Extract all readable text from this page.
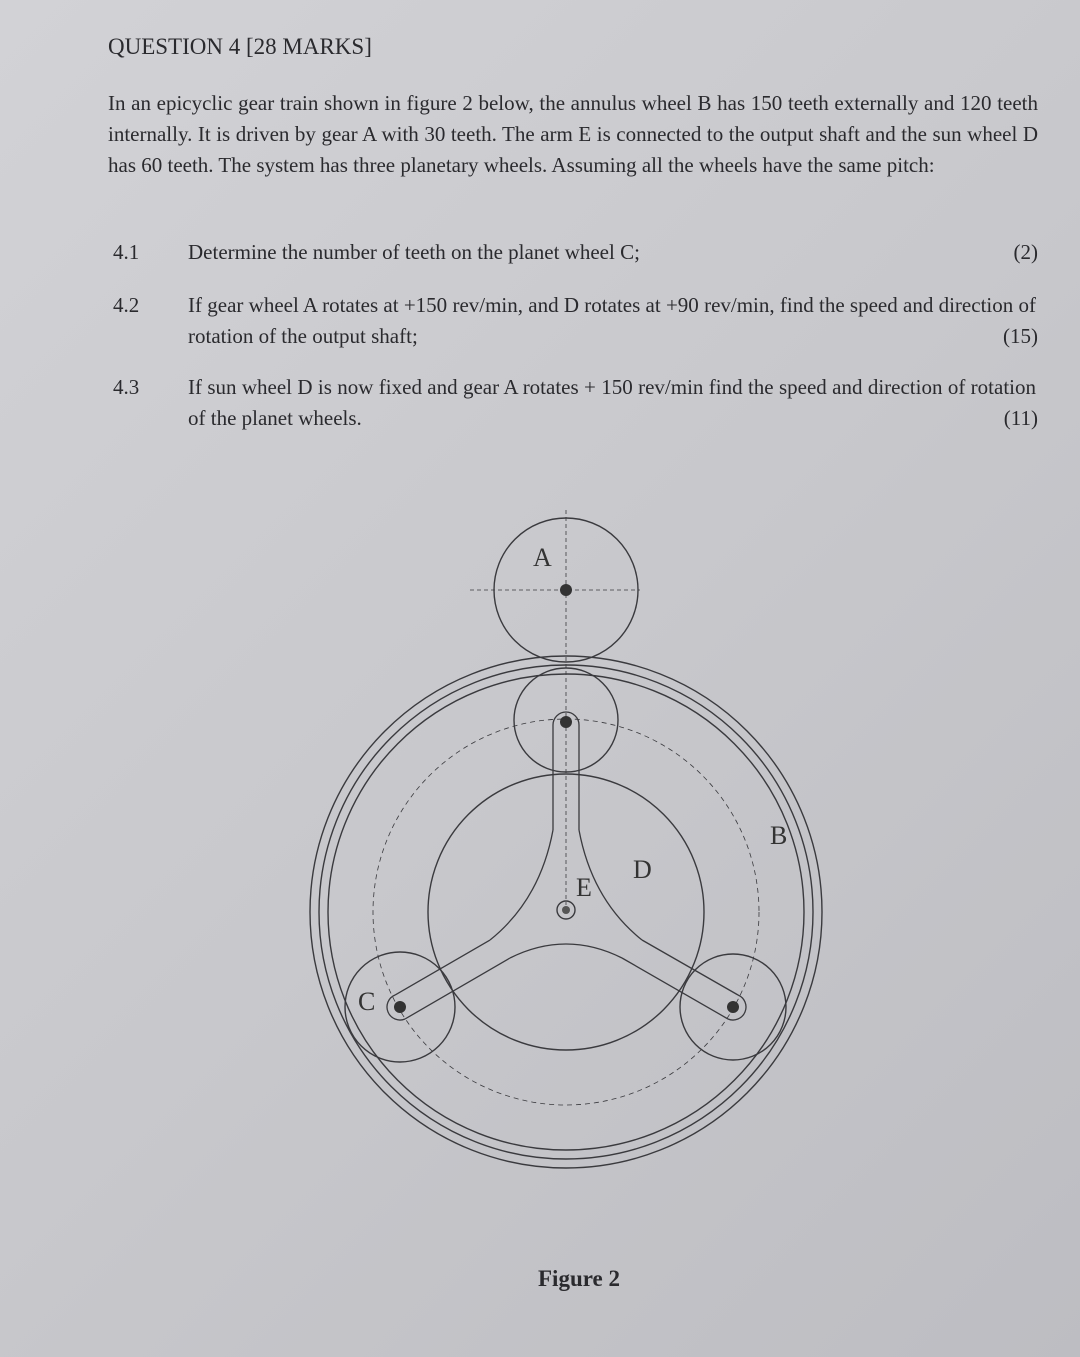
QUESTION 4 [28 MARKS]
In an epicyclic gear train shown in figure 2 below, the annulus wheel B has 150 teeth externally and 120 teeth internally. It is driven by gear A with 30 teeth. The arm E is connected to the output shaft and the sun wheel D has 60 teeth. The system has three planetary wheels. Assuming all the wheels have the same pitch:
4.1 Determine the number of teeth on the planet wheel C;	(2)
4.2 If gear wheel A rotates at +150 rev/min, and D rotates at +90 rev/min, find the speed and direction of rotation of the output shaft;	(15)
4.3 If sun wheel D is now fixed and gear A rotates + 150 rev/min find the speed and direction of rotation of the planet wheels.	(11)
A
B
C
D
E
Figure 2
